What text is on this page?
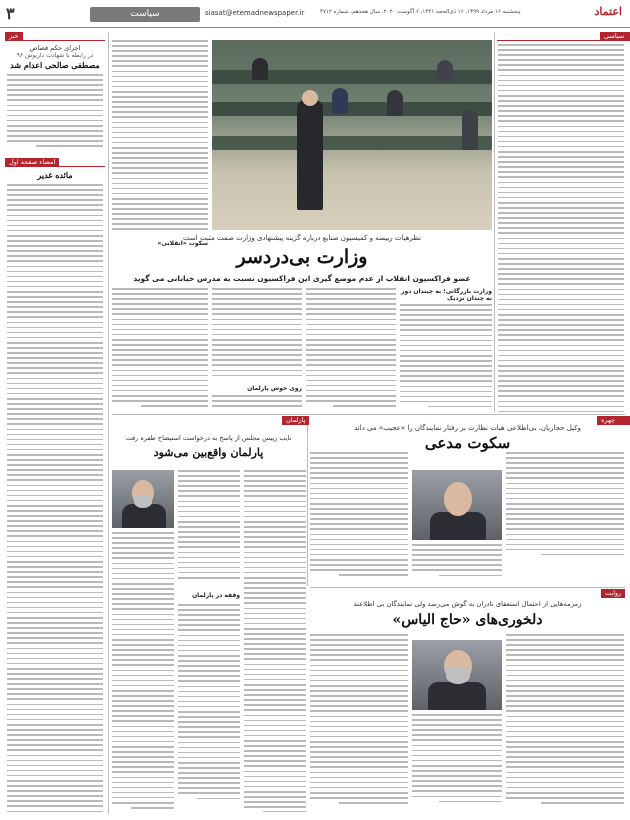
۳	سیاست	siasat@etemadnewspaper.ir	پنجشنبه ۱۶ مرداد ۱۳۹۹، ۱۶ ذی‌الحجه ۱۴۴۱، ۶ آگوست ۲۰۲۰، سال هجدهم، شماره ۴۷۱۲	اعتماد
خبر
اجرای حکم قصاص
در رابطه با شهادت داریوش ۹۶
مصطفی صالحی اعدام شد
امضاء صفحه اول
مائده غدیر
سیاسی
نظرهیات رییسه و کمیسیون صنایع درباره گزینه پیشنهادی وزارت صمت مثبت است
وزارت بی‌دردسر
عضو فراکسیون انقلاب از عدم موضع گیری این فراکسیون نسبت به مدرس خیابانی می گوید
سکوت «انقلابی»
روی خوش پارلمان
وزارت بازرگانی؛ به چیندان دور نه چندان نزدیک
چهره روز
وکیل حجاریان، بی‌اطلاعی هیات نظارت بر رفتار نمایندگان را «عجیب» می داند
سکوت مدعی
پارلمان
نایب رییس مجلس از پاسخ به درخواست استیضاح طفره رفت
پارلمان واقع‌بین می‌شود
وقفه در پارلمان	روایت
زمزمه‌هایی از احتمال استعفای نادران به گوش می‌رسد ولی نمایندگان بی اطلاعند
دلخوری‌های «حاج الیاس»
